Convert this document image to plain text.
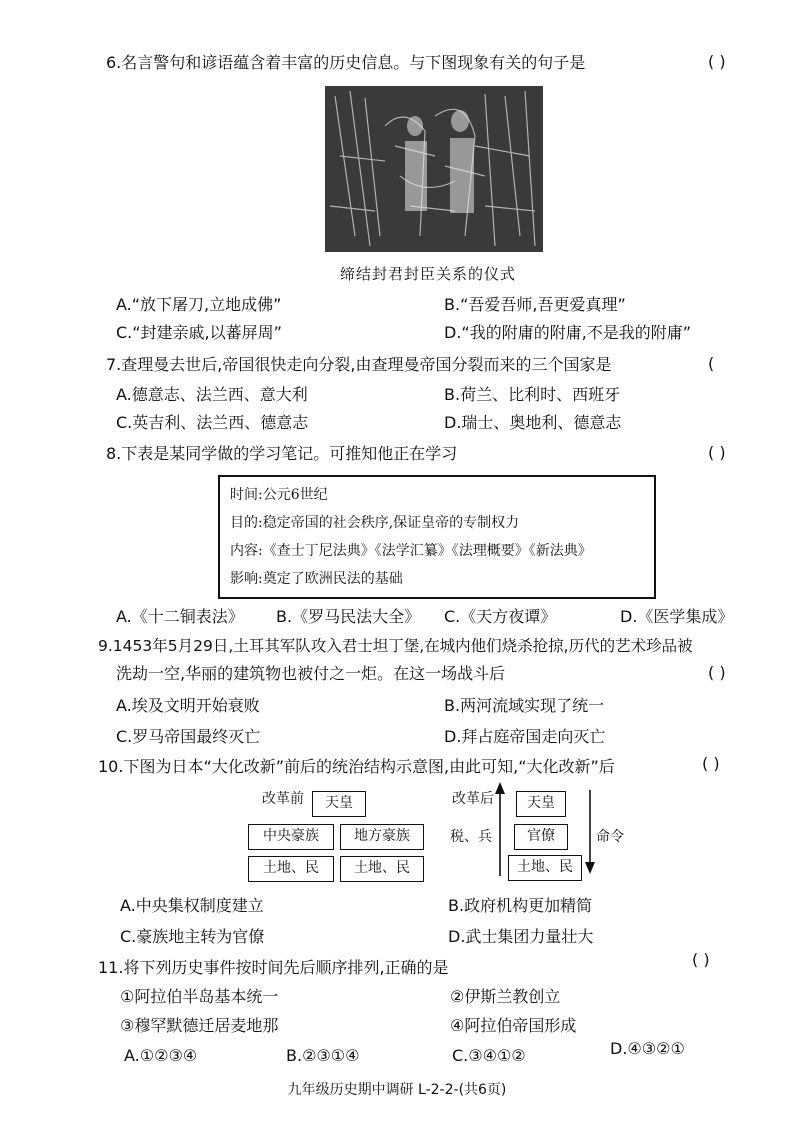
6.名言警句和谚语蕴含着丰富的历史信息。与下图现象有关的句子是	( )
缔结封君封臣关系的仪式
A.“放下屠刀,立地成佛”	B.“吾爱吾师,吾更爱真理”
C.“封建亲戚,以蕃屏周”	D.“我的附庸的附庸,不是我的附庸”
7.查理曼去世后,帝国很快走向分裂,由查理曼帝国分裂而来的三个国家是	(
A.德意志、法兰西、意大利	B.荷兰、比利时、西班牙
C.英吉利、法兰西、德意志	D.瑞士、奥地利、德意志
8.下表是某同学做的学习笔记。可推知他正在学习	( )
时间:公元6世纪
目的:稳定帝国的社会秩序,保证皇帝的专制权力
内容:《查士丁尼法典》《法学汇纂》《法理概要》《新法典》
影响:奠定了欧洲民法的基础
A.《十二铜表法》 B.《罗马民法大全》 C.《天方夜谭》	D.《医学集成》
9.1453年5月29日,土耳其军队攻入君士坦丁堡,在城内他们烧杀抢掠,历代的艺术珍品被
洗劫一空,华丽的建筑物也被付之一炬。在这一场战斗后	( )
A.埃及文明开始衰败	B.两河流域实现了统一
C.罗马帝国最终灭亡	D.拜占庭帝国走向灭亡
10.下图为日本“大化改新”前后的统治结构示意图,由此可知,“大化改新”后	( )
改革前	天皇
中央豪族	地方豪族
土地、民	土地、民
改革后	天皇
税、兵	官僚
土地、民
命令
A.中央集权制度建立	B.政府机构更加精简
C.豪族地主转为官僚	D.武士集团力量壮大
11.将下列历史事件按时间先后顺序排列,正确的是	( )
①阿拉伯半岛基本统一	②伊斯兰教创立
③穆罕默德迁居麦地那	④阿拉伯帝国形成
A.①②③④	B.②③①④	C.③④①②	D.④③②①
九年级历史期中调研 L-2-2-(共6页)
